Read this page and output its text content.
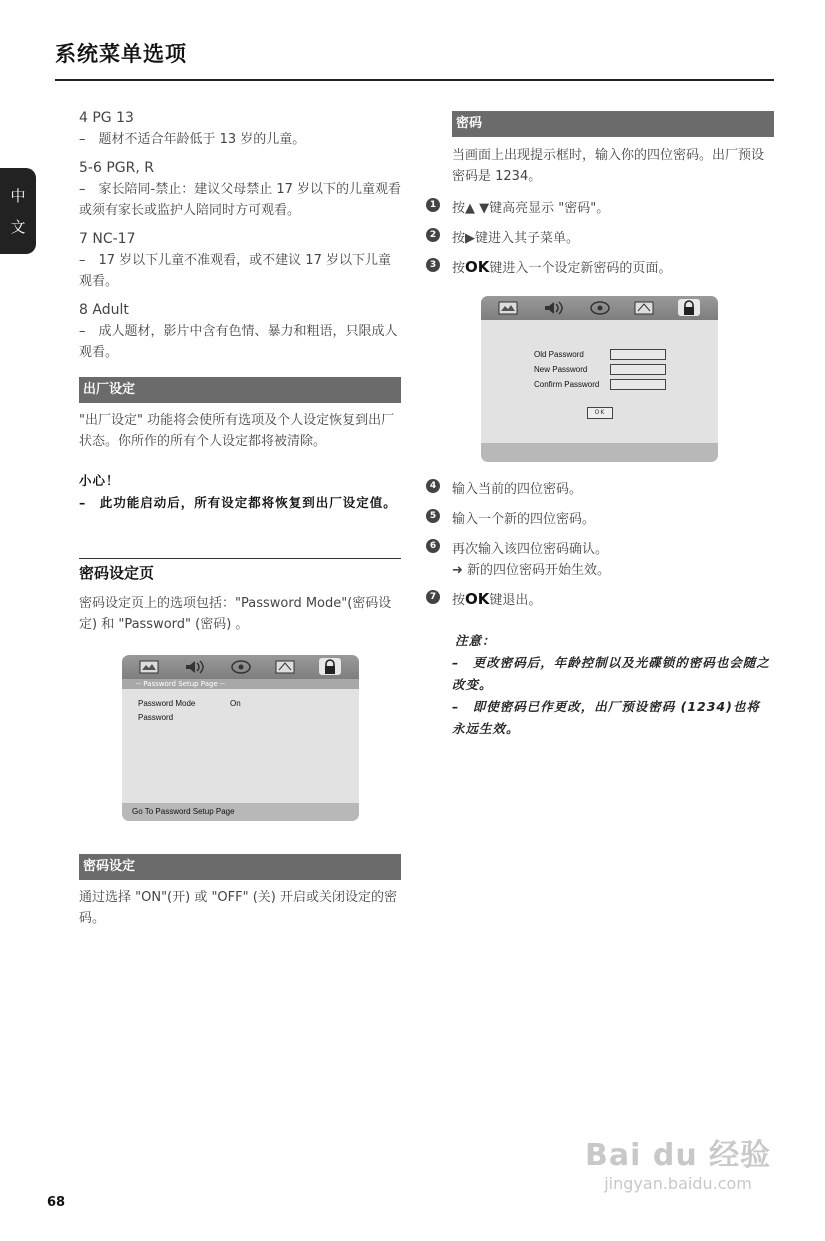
系统菜单选项
中
文
4 PG 13
–　题材不适合年龄低于 13 岁的儿童。
5-6 PGR, R
–　家长陪同-禁止：建议父母禁止 17 岁以下的儿童观看或须有家长或监护人陪同时方可观看。
7 NC-17
–　17 岁以下儿童不准观看，或不建议 17 岁以下儿童观看。
8 Adult
–　成人题材，影片中含有色情、暴力和粗语，只限成人观看。
出厂设定
"出厂设定" 功能将会使所有选项及个人设定恢复到出厂状态。你所作的所有个人设定都将被清除。
小心！
–　此功能启动后，所有设定都将恢复到出厂设定值。
密码设定页
密码设定页上的选项包括："Password Mode"(密码设定) 和 "Password" (密码) 。
-- Password Setup Page --
Password Mode	On
Password
Go To Password Setup Page
密码设定
通过选择 "ON"(开) 或 "OFF" (关) 开启或关闭设定的密码。
密码
当画面上出现提示框时，输入你的四位密码。出厂预设密码是 1234。
1 按▲ ▼键高亮显示 "密码"。
2 按▶键进入其子菜单。
3 按OK键进入一个设定新密码的页面。
Old Password
New Password
Confirm Password
OK
4 输入当前的四位密码。
5 输入一个新的四位密码。
6 再次输入该四位密码确认。
➜ 新的四位密码开始生效。
7 按OK键退出。
注意：
–　更改密码后，年龄控制以及光碟锁的密码也会随之改变。
–　即使密码已作更改，出厂预设密码 (1234)也将永远生效。
68
Bai du 经验
jingyan.baidu.com
